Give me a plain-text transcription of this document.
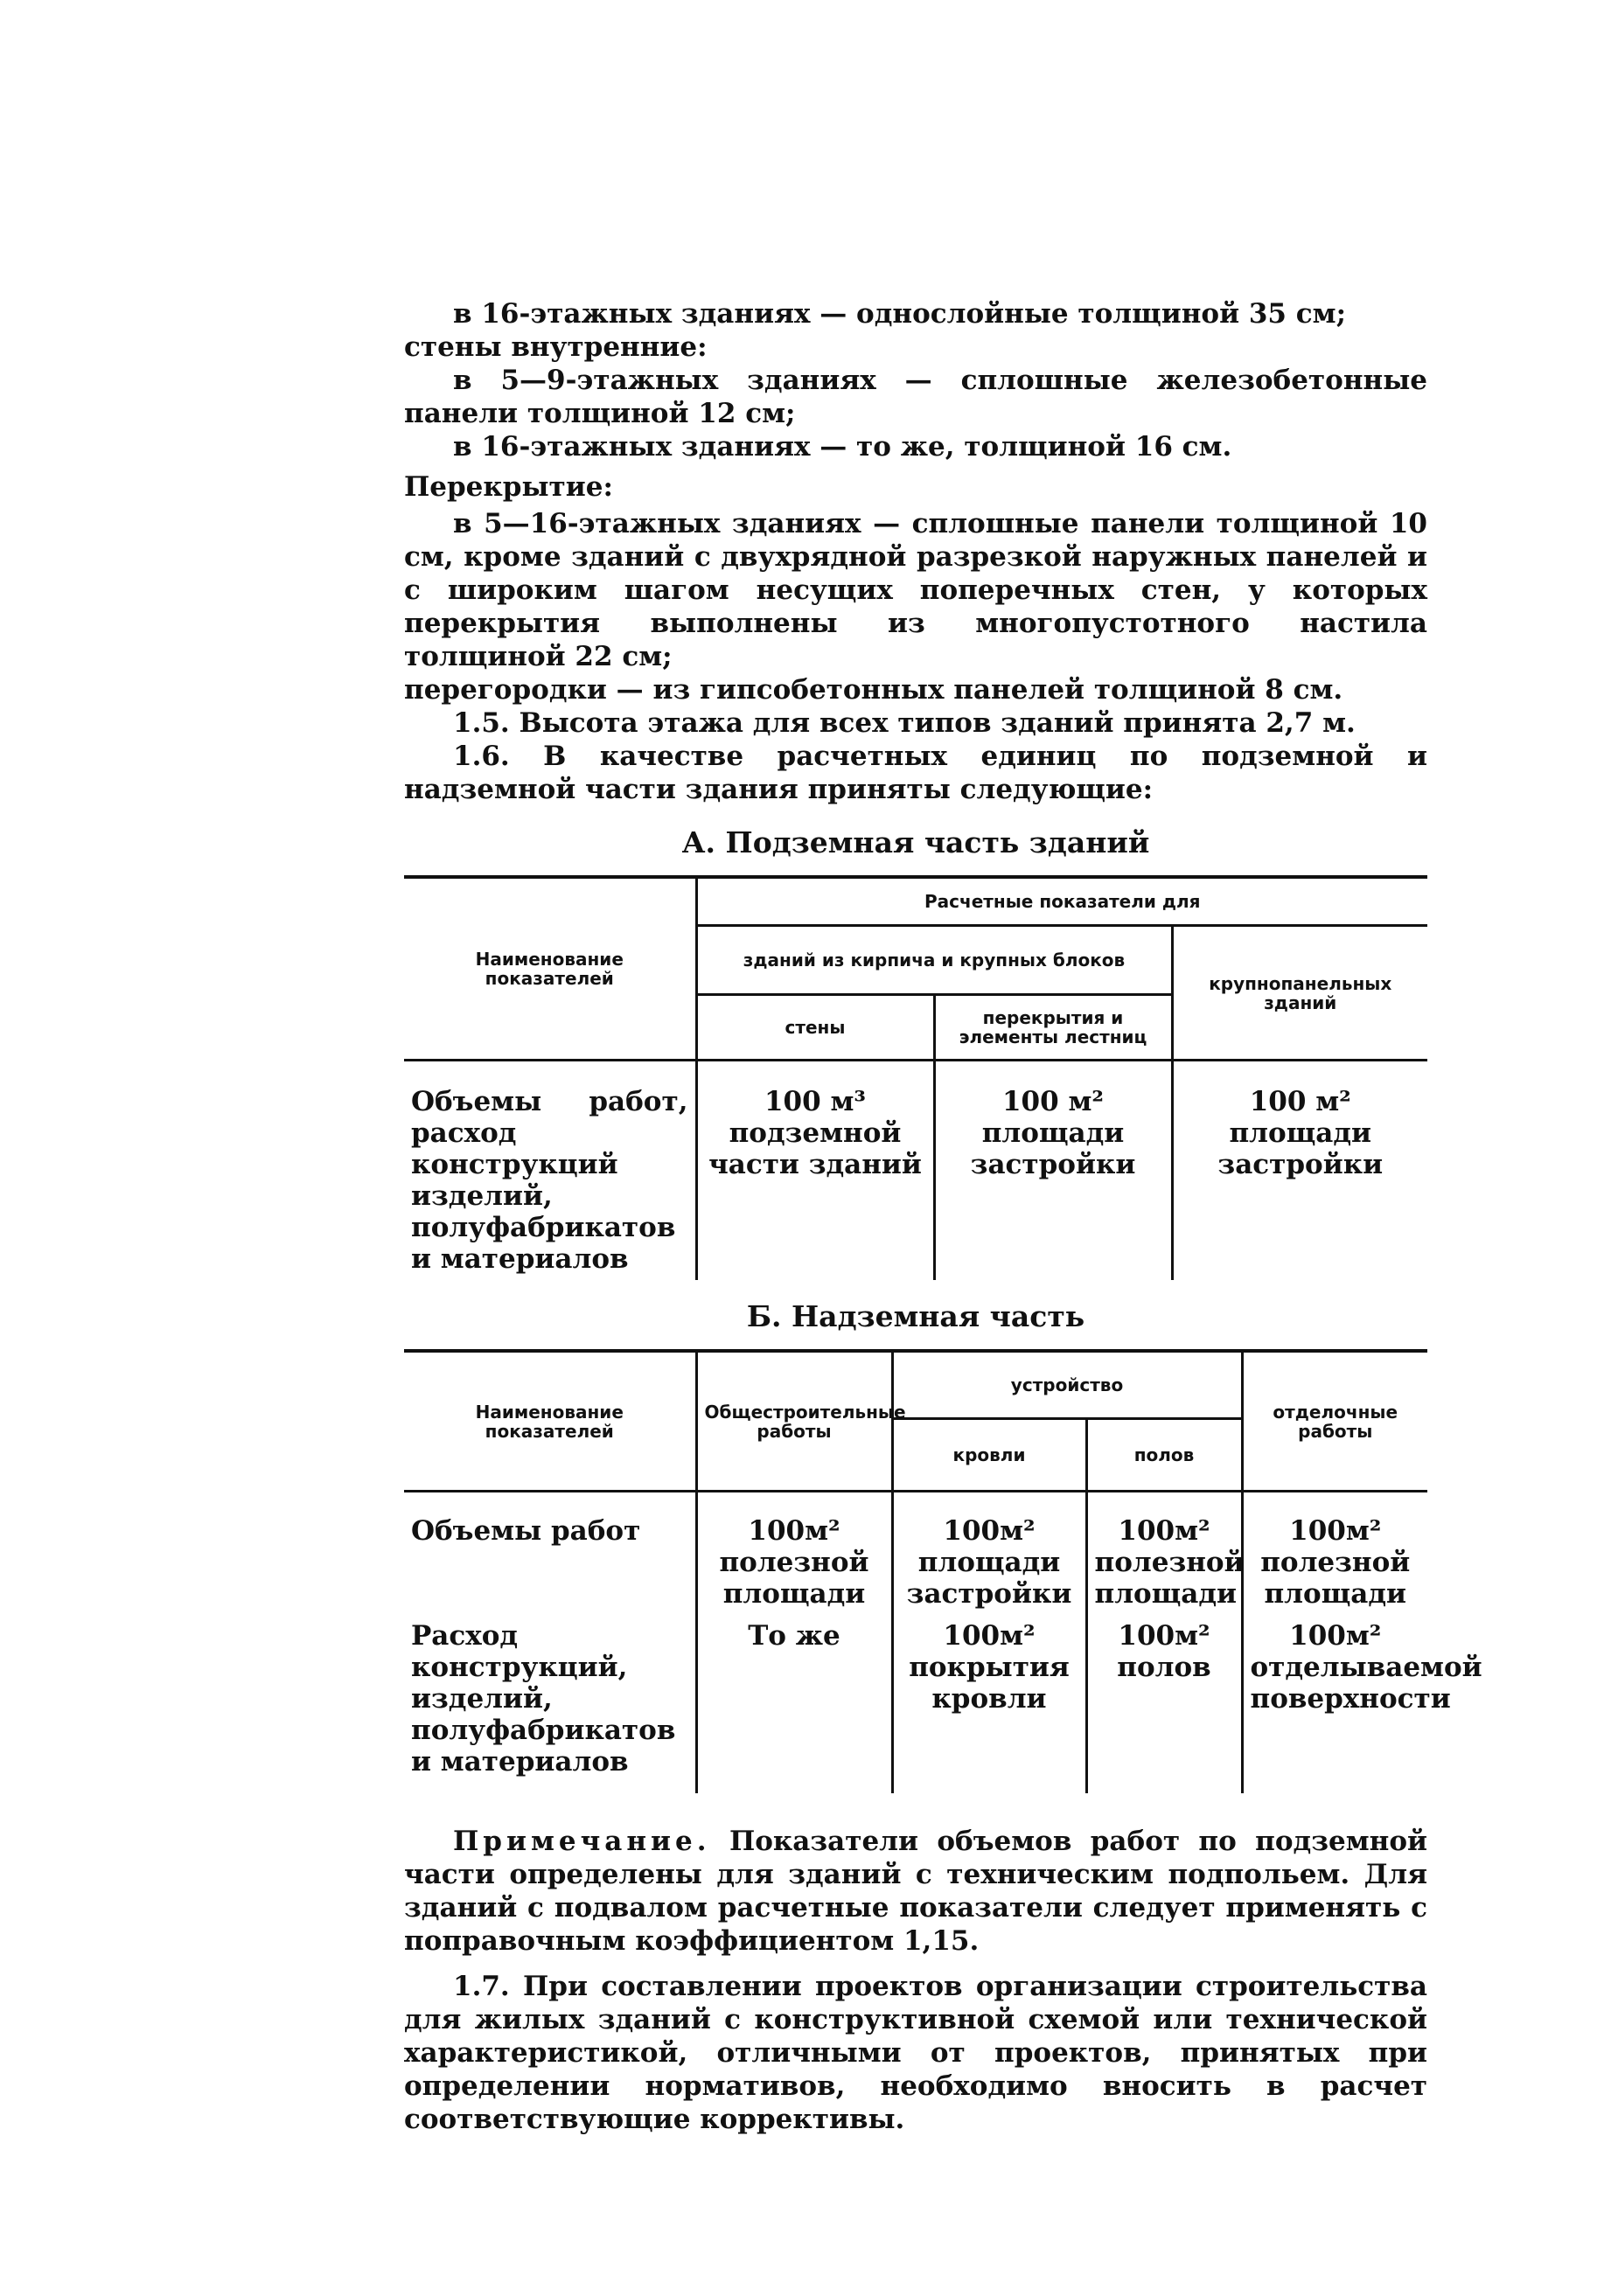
в 16-этажных зданиях — однослойные толщиной 35 см;

стены внутренние:

в 5—9-этажных зданиях — сплошные железобетонные панели толщиной 12 см;

в 16-этажных зданиях — то же, толщиной 16 см.

Перекрытие:

в 5—16-этажных зданиях — сплошные панели толщиной 10 см, кроме зданий с двухрядной разрезкой наружных панелей и с широким шагом несущих поперечных стен, у которых перекрытия выполнены из многопустотного настила толщиной 22 см;

перегородки — из гипсобетонных панелей толщиной 8 см.

1.5. Высота этажа для всех типов зданий принята 2,7 м.

1.6. В качестве расчетных единиц по подземной и надземной части здания приняты следующие:

А. Подземная часть зданий
Наименование показателей	Расчетные показатели для		
	зданий из кирпича и крупных блоков		крупнопанельных зданий
	стены	перекрытия и элементы лестниц	
Объемы работ, расход конструкций изделий, полуфабрикатов и материалов	100 м³ подземной части зданий	100 м² площади застройки	100 м² площади застройки
Б. Надземная часть
Наименование показателей	Общестроительные работы	устройство		отделочные работы
		кровли	полов	
Объемы работ	100м² полезной площади	100м² площади застройки	100м² полезной площади	100м² полезной площади
Расход конструкций, изделий, полуфабрикатов и материалов	То же	100м² покрытия кровли	100м² полов	100м² отделываемой поверхности

Примечание. Показатели объемов работ по подземной части определены для зданий с техническим подпольем. Для зданий с подвалом расчетные показатели следует применять с поправочным коэффициентом 1,15.

1.7. При составлении проектов организации строительства для жилых зданий с конструктивной схемой или технической характеристикой, отличными от проектов, принятых при определении нормативов, необходимо вносить в расчет соответствующие коррективы.
